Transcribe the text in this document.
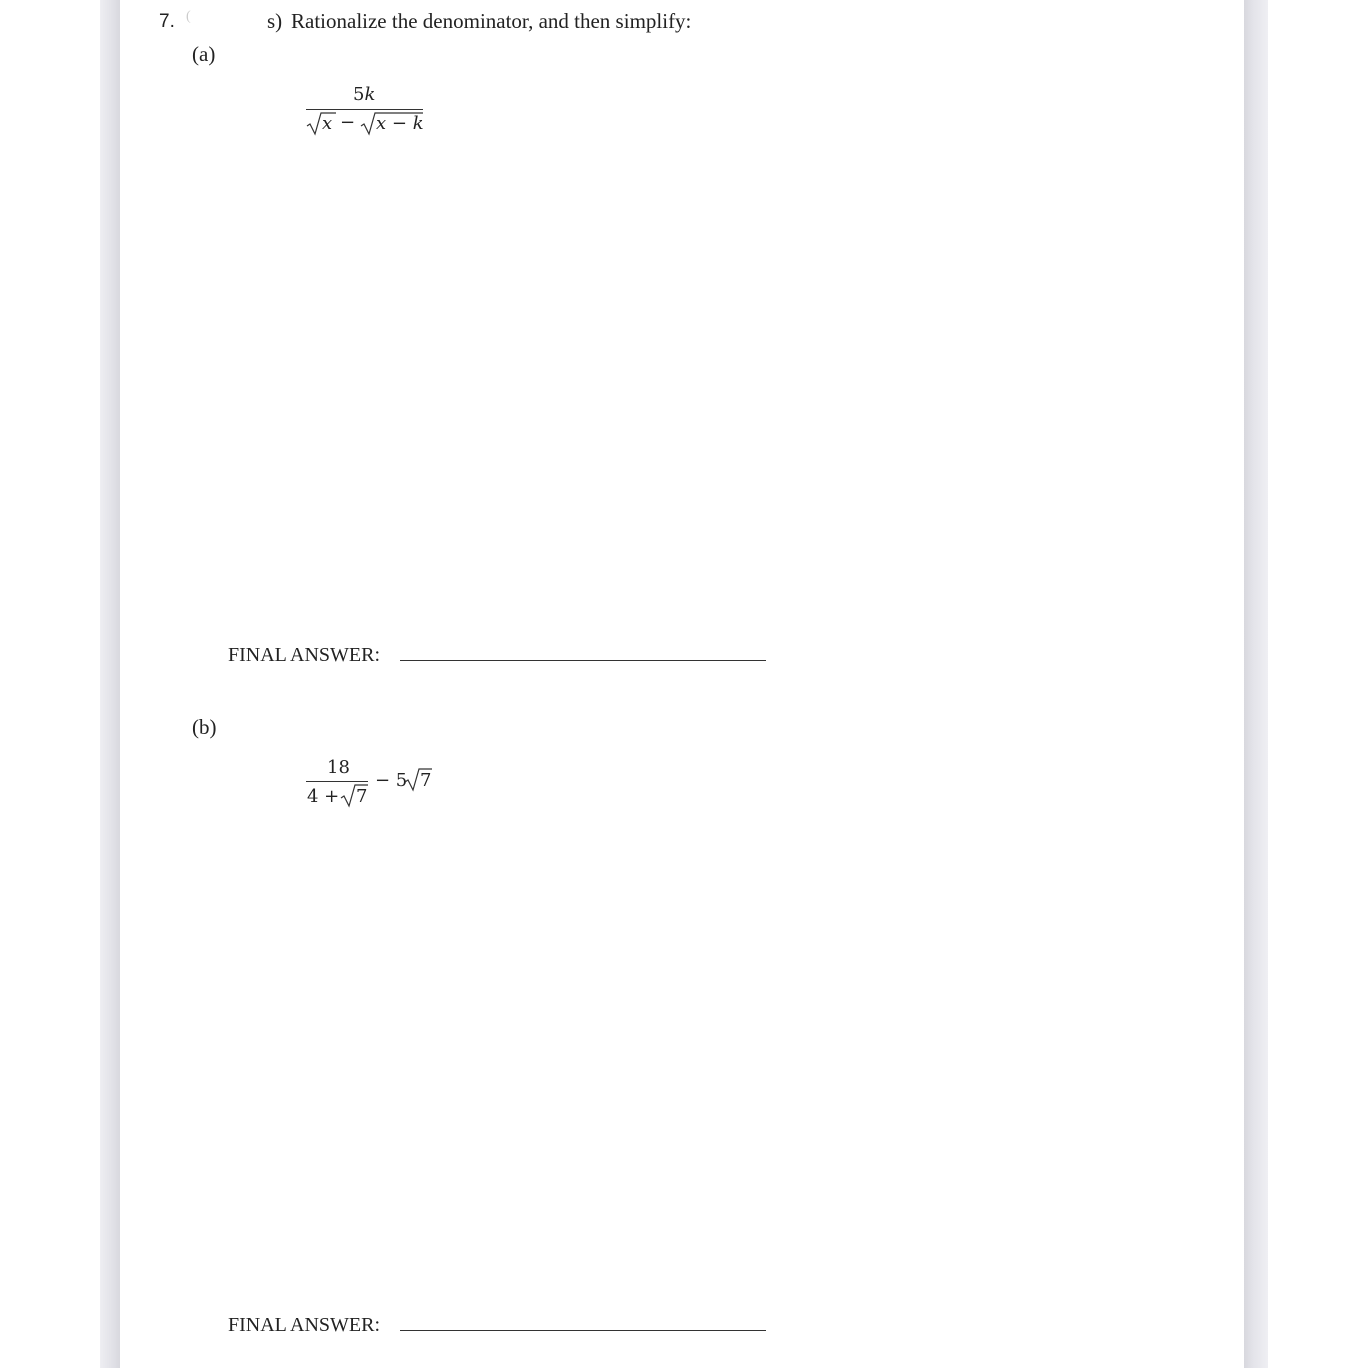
7. (	s) Rationalize the denominator, and then simplify:
(a)
5k
x − x − k
FINAL ANSWER:
(b)
18
4 + 7
− 5 7
FINAL ANSWER:
